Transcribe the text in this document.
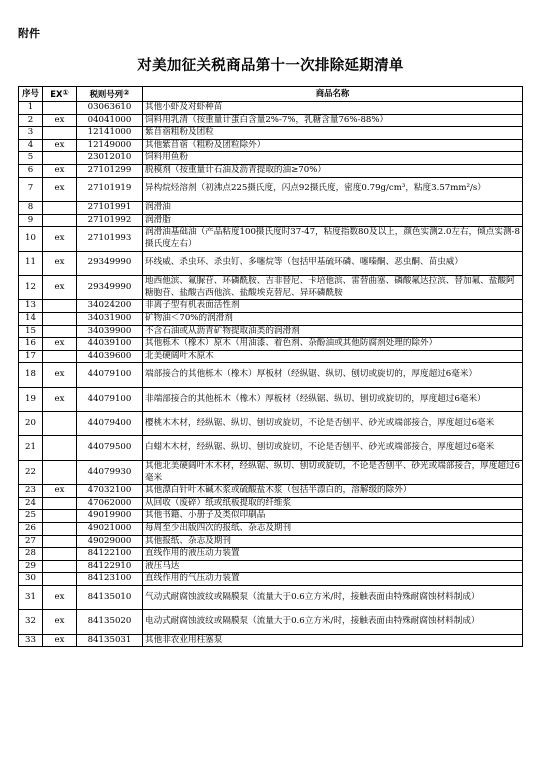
附件
对美加征关税商品第十一次排除延期清单
序号	EX①	税则号列②	商品名称
1		03063610	其他小虾及对虾种苗
2	ex	04041000	饲料用乳清（按重量计蛋白含量2%-7%，乳糖含量76%-88%）
3		12141000	紫苜蓿粗粉及团粒
4	ex	12149000	其他紫苜蓿（粗粉及团粒除外）
5		23012010	饲料用鱼粉
6	ex	27101299	脱模剂（按重量计石油及沥青提取的油≥70%）
7	ex	27101919	异构烷烃溶剂（初沸点225摄氏度，闪点92摄氏度，密度0.79g/cm³，粘度3.57mm²/s）
8		27101991	润滑油
9		27101992	润滑脂
10	ex	27101993	润滑油基础油（产品粘度100摄氏度时37-47，粘度指数80及以上，颜色实测2.0左右，倾点实测-8摄氏度左右）
11	ex	29349990	环线威、杀虫环、杀虫钉、多噻烷等（包括甲基硫环磷、噻嗪酮、恶虫酮、苗虫威）
12	ex	29349990	地西他滨、氟脲苷、环磷酰胺、吉非替尼、卡培他滨、雷替曲塞、磷酸氟达拉滨、替加氟、盐酸阿糖胞苷、盐酸吉西他滨、盐酸埃克替尼、异环磷酰胺
13		34024200	非离子型有机表面活性剂
14		34031900	矿物油＜70%的润滑剂
15		34039900	不含石油或从沥青矿物提取油类的润滑剂
16	ex	44039100	其他栎木（橡木）原木（用油漆、着色剂、杂酚油或其他防腐剂处理的除外）
17		44039600	北美硬阔叶木原木
18	ex	44079100	端部接合的其他栎木（橡木）厚板材（经纵锯、纵切、刨切或旋切的，厚度超过6毫米）
19	ex	44079100	非端部接合的其他栎木（橡木）厚板材（经纵锯、纵切、刨切或旋切的，厚度超过6毫米）
20		44079400	樱桃木木材，经纵锯、纵切、刨切或旋切，不论是否刨平、砂光或端部接合，厚度超过6毫米
21		44079500	白蜡木木材，经纵锯、纵切、刨切或旋切，不论是否刨平、砂光或端部接合，厚度超过6毫米
22		44079930	其他北美硬阔叶木木材，经纵锯、纵切、刨切或旋切，不论是否刨平、砂光或端部接合，厚度超过6毫米
23	ex	47032100	其他漂白针叶木碱木浆或硫酸盐木浆（包括半漂白的，溶解级的除外）
24		47062000	从回收（废碎）纸或纸板提取的纤维浆
25		49019900	其他书籍、小册子及类似印刷品
26		49021000	每周至少出版四次的报纸、杂志及期刊
27		49029000	其他报纸、杂志及期刊
28		84122100	直线作用的液压动力装置
29		84122910	液压马达
30		84123100	直线作用的气压动力装置
31	ex	84135010	气动式耐腐蚀波纹或隔膜泵（流量大于0.6立方米/时，接触表面由特殊耐腐蚀材料制成）
32	ex	84135020	电动式耐腐蚀波纹或隔膜泵（流量大于0.6立方米/时，接触表面由特殊耐腐蚀材料制成）
33	ex	84135031	其他非农业用柱塞泵
